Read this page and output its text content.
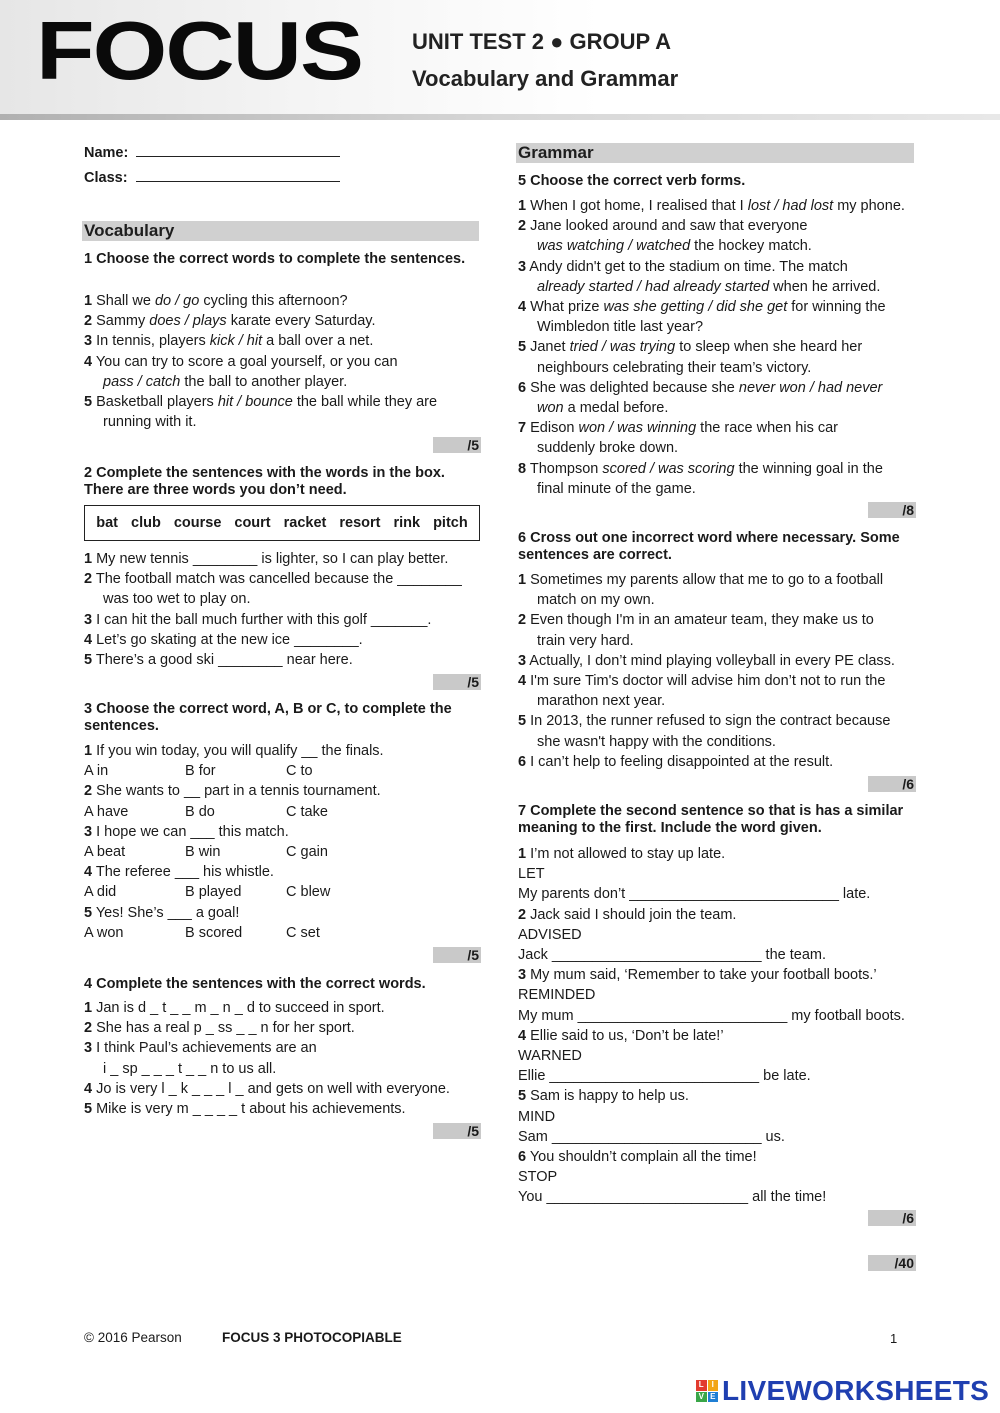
FOCUS UNIT TEST 2 ● GROUP A
Vocabulary and Grammar
Name:
Class:
Vocabulary
1 Choose the correct words to complete the sentences.
1 Shall we do / go cycling this afternoon?
2 Sammy does / plays karate every Saturday.
3 In tennis, players kick / hit a ball over a net.
4 You can try to score a goal yourself, or you can
pass / catch the ball to another player.
5 Basketball players hit / bounce the ball while they are
running with it.
/5
2 Complete the sentences with the words in the box. There are three words you don’t need.
bat club course court racket resort rink pitch
1 My new tennis ________ is lighter, so I can play better.
2 The football match was cancelled because the ________
was too wet to play on.
3 I can hit the ball much further with this golf _______.
4 Let’s go skating at the new ice ________.
5 There’s a good ski ________ near here.
/5
3 Choose the correct word, A, B or C, to complete the sentences.
1 If you win today, you will qualify __ the finals.
A in	B for	C to
2 She wants to __ part in a tennis tournament.
A have	B do	C take
3 I hope we can ___ this match.
A beat	B win	C gain
4 The referee ___ his whistle.
A did	B played	C blew
5 Yes! She’s ___ a goal!
A won	B scored	C set
/5
4 Complete the sentences with the correct words.
1 Jan is d _ t _ _ m _ n _ d to succeed in sport.
2 She has a real p _ ss _ _ n for her sport.
3 I think Paul’s achievements are an
i _ sp _ _ _ t _ _ n to us all.
4 Jo is very l _ k _ _ _ l _ and gets on well with everyone.
5 Mike is very m _ _ _ _ t about his achievements.
/5
Grammar
5 Choose the correct verb forms.
1 When I got home, I realised that I lost / had lost my phone.
2 Jane looked around and saw that everyone
was watching / watched the hockey match.
3 Andy didn't get to the stadium on time. The match
already started / had already started when he arrived.
4 What prize was she getting / did she get for winning the
Wimbledon title last year?
5 Janet tried / was trying to sleep when she heard her
neighbours celebrating their team’s victory.
6 She was delighted because she never won / had never
won a medal before.
7 Edison won / was winning the race when his car
suddenly broke down.
8 Thompson scored / was scoring the winning goal in the
final minute of the game.
/8
6 Cross out one incorrect word where necessary. Some sentences are correct.
1 Sometimes my parents allow that me to go to a football
match on my own.
2 Even though I'm in an amateur team, they make us to
train very hard.
3 Actually, I don’t mind playing volleyball in every PE class.
4 I'm sure Tim's doctor will advise him don’t not to run the
marathon next year.
5 In 2013, the runner refused to sign the contract because
she wasn't happy with the conditions.
6 I can’t help to feeling disappointed at the result.
/6
7 Complete the second sentence so that is has a similar meaning to the first. Include the word given.
1 I’m not allowed to stay up late.
LET
My parents don’t __________________________ late.
2 Jack said I should join the team.
ADVISED
Jack __________________________ the team.
3 My mum said, ‘Remember to take your football boots.’
REMINDED
My mum __________________________ my football boots.
4 Ellie said to us, ‘Don’t be late!’
WARNED
Ellie __________________________ be late.
5 Sam is happy to help us.
MIND
Sam __________________________ us.
6 You shouldn’t complain all the time!
STOP
You _________________________ all the time!
/6
/40
© 2016 Pearson	FOCUS 3 PHOTOCOPIABLE	1
L I
V E LIVEWORKSHEETS
